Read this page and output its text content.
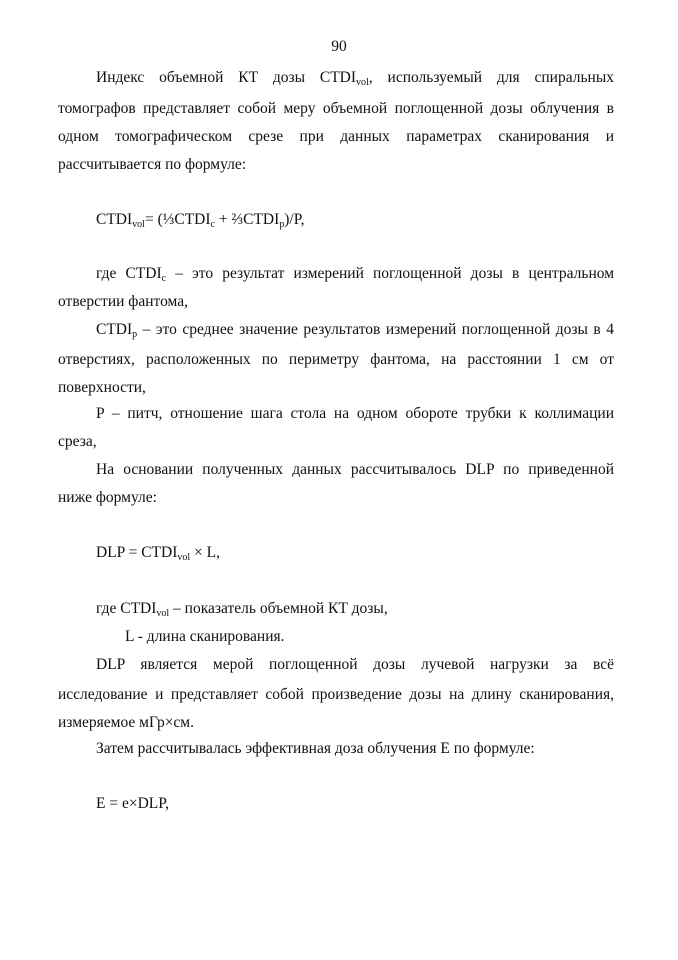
90
Индекс объемной КТ дозы $CTDI_{vol}$, используемый для спиральных
томографов представляет собой меру объемной поглощенной дозы облучения в
одном томографическом срезе при данных параметрах сканирования и
рассчитывается по формуле:
$CTDI_{vol}=$ ($\frac{1}{3}CTDI_c$ + $\frac{2}{3}CTDI_p)/P$,
где $CTDI_c$ – это результат измерений поглощенной дозы в центральном
отверстии фантома,
$CTDI_p$ – это среднее значение результатов измерений поглощенной дозы в 4
отверстиях, расположенных по периметру фантома, на расстоянии 1 см от
поверхности,
P – питч, отношение шага стола на одном обороте трубки к коллимации
среза,
На основании полученных данных рассчитывалось DLP по приведенной
ниже формуле:
DLP = $CTDI_{vol} \times L$,
где $CTDI_{vol}$ – показатель объемной КТ дозы,
L - длина сканирования.
DLP является мерой поглощенной дозы лучевой нагрузки за всё
исследование и представляет собой произведение дозы на длину сканирования,
измеряемое мГр×см.
Затем рассчитывалась эффективная доза облучения E по формуле:
E = e×DLP,
